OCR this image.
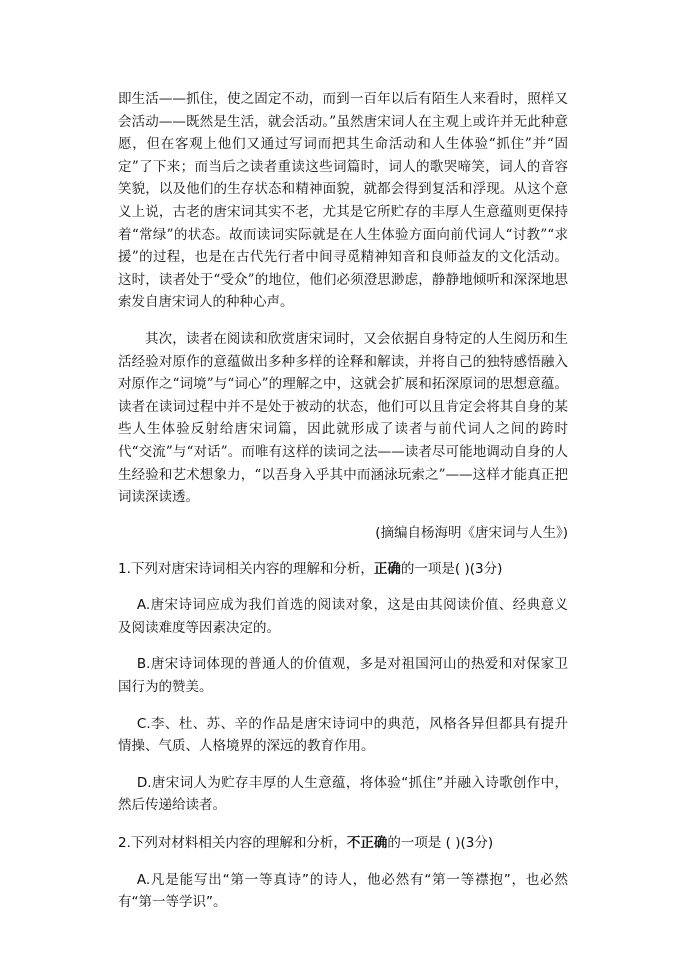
即生活——抓住，使之固定不动，而到一百年以后有陌生人来看时，照样又会活动——既然是生活，就会活动。”虽然唐宋词人在主观上或许并无此种意愿，但在客观上他们又通过写词而把其生命活动和人生体验“抓住”并“固定”了下来；而当后之读者重读这些词篇时，词人的歌哭啼笑，词人的音容笑貌，以及他们的生存状态和精神面貌，就都会得到复活和浮现。从这个意义上说，古老的唐宋词其实不老，尤其是它所贮存的丰厚人生意蕴则更保持着“常绿”的状态。故而读词实际就是在人生体验方面向前代词人“讨教”“求援”的过程，也是在古代先行者中间寻觅精神知音和良师益友的文化活动。这时，读者处于“受众”的地位，他们必须澄思渺虑，静静地倾听和深深地思索发自唐宋词人的种种心声。

其次，读者在阅读和欣赏唐宋词时，又会依据自身特定的人生阅历和生活经验对原作的意蕴做出多种多样的诠释和解读，并将自己的独特感悟融入对原作之“词境”与“词心”的理解之中，这就会扩展和拓深原词的思想意蕴。读者在读词过程中并不是处于被动的状态，他们可以且肯定会将其自身的某些人生体验反射给唐宋词篇，因此就形成了读者与前代词人之间的跨时代“交流”与“对话”。而唯有这样的读词之法——读者尽可能地调动自身的人生经验和艺术想象力，“以吾身入乎其中而涵泳玩索之”——这样才能真正把词读深读透。

(摘编自杨海明《唐宋词与人生》)

1.下列对唐宋诗词相关内容的理解和分析，正确的一项是( )(3分)

A.唐宋诗词应成为我们首选的阅读对象，这是由其阅读价值、经典意义及阅读难度等因素决定的。

B.唐宋诗词体现的普通人的价值观，多是对祖国河山的热爱和对保家卫国行为的赞美。

C.李、杜、苏、辛的作品是唐宋诗词中的典范，风格各异但都具有提升情操、气质、人格境界的深远的教育作用。

D.唐宋词人为贮存丰厚的人生意蕴，将体验“抓住”并融入诗歌创作中，然后传递给读者。

2.下列对材料相关内容的理解和分析，不正确的一项是 ( )(3分)

A.凡是能写出“第一等真诗”的诗人，他必然有“第一等襟抱”，也必然有“第一等学识”。
